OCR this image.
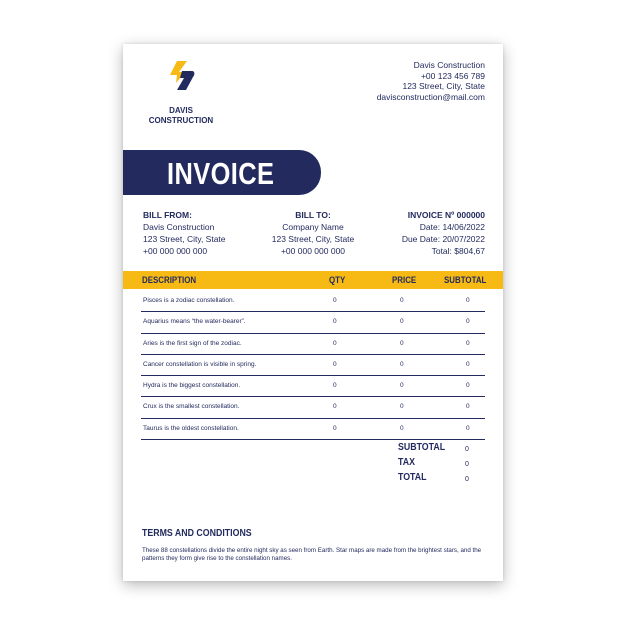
DAVIS
CONSTRUCTION
Davis Construction
+00 123 456 789
123 Street, City, State
davisconstruction@mail.com
INVOICE
BILL FROM:
Davis Construction
123 Street, City, State
+00 000 000 000
BILL TO:
Company Name
123 Street, City, State
+00 000 000 000
INVOICE Nº 000000
Date: 14/06/2022
Due Date: 20/07/2022
Total: $804,67
DESCRIPTION	QTY	PRICE	SUBTOTAL
Pisces is a zodiac constellation.	0	0	0
Aquarius means “the water-bearer”.	0	0	0
Aries is the first sign of the zodiac.	0	0	0
Cancer constellation is visible in spring.	0	0	0
Hydra is the biggest constellation.	0	0	0
Crux is the smallest constellation.	0	0	0
Taurus is the oldest constellation.	0	0	0
SUBTOTAL	0
TAX	0
TOTAL	0
TERMS AND CONDITIONS
These 88 constellations divide the entire night sky as seen from Earth. Star maps are made from the brightest stars, and the patterns they form give rise to the constellation names.
